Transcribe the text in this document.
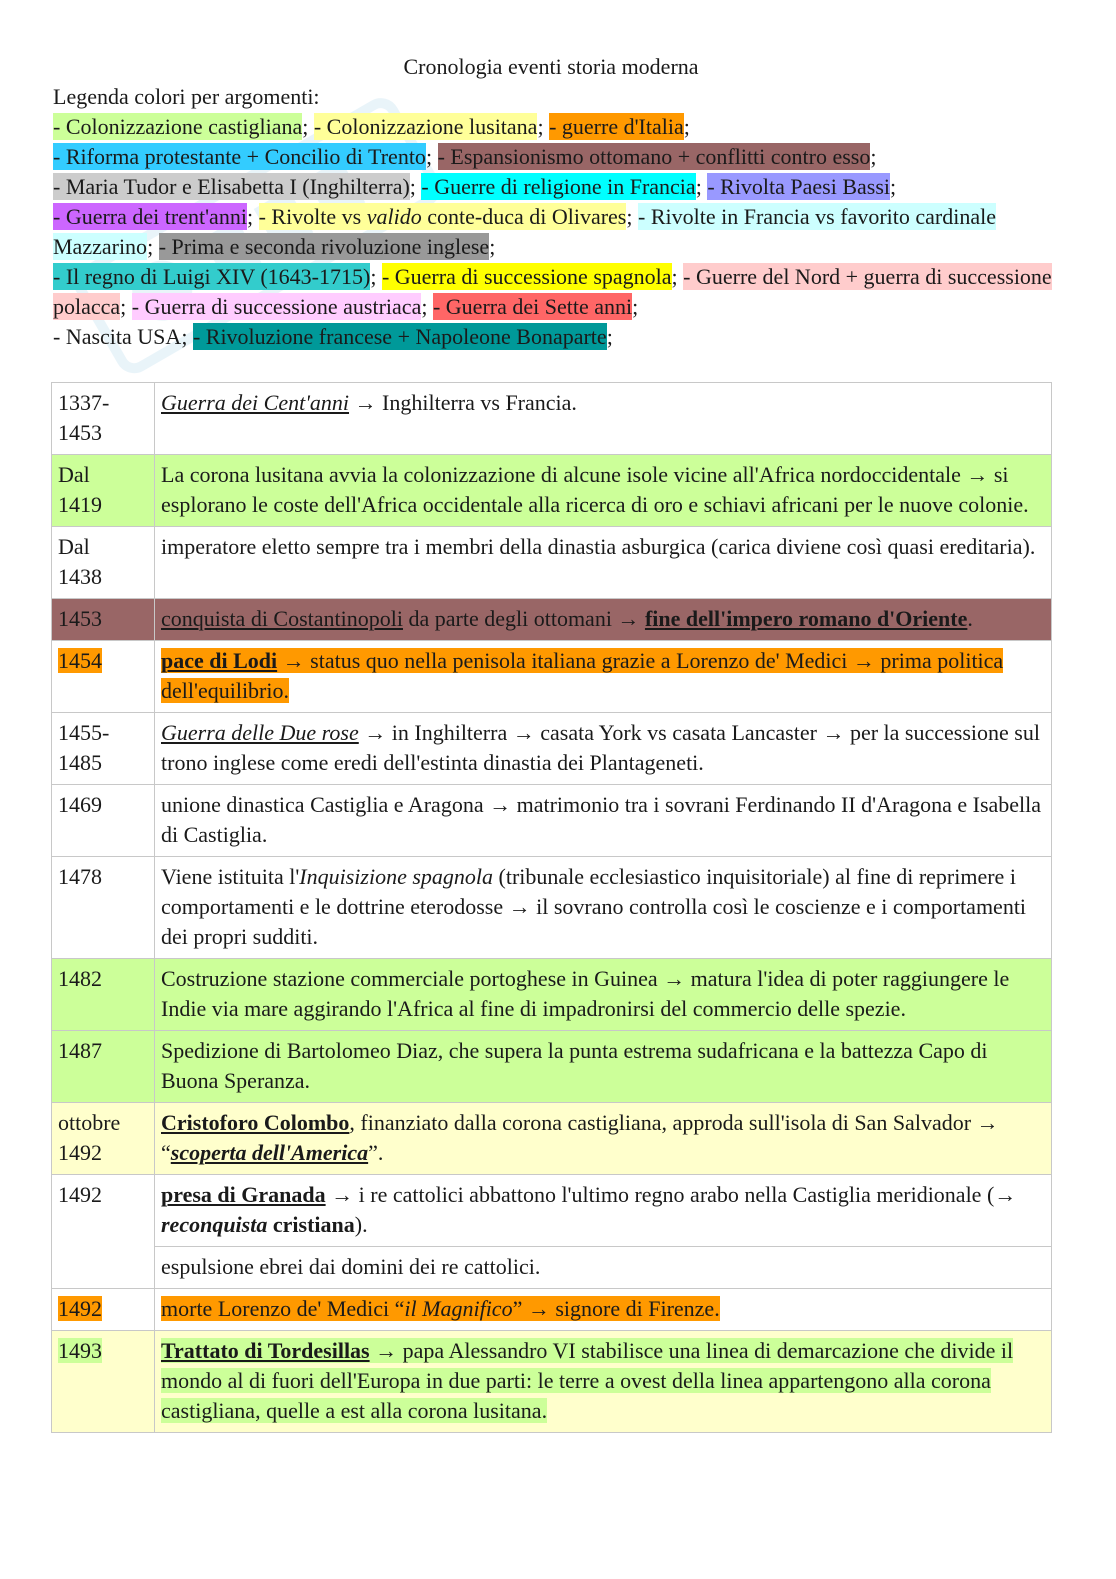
Cronologia eventi storia moderna
Legenda colori per argomenti:
- Colonizzazione castigliana; - Colonizzazione lusitana; - guerre d'Italia;
- Riforma protestante + Concilio di Trento; - Espansionismo ottomano + conflitti contro esso;
- Maria Tudor e Elisabetta I (Inghilterra); - Guerre di religione in Francia; - Rivolta Paesi Bassi;
- Guerra dei trent'anni; - Rivolte vs valido conte-duca di Olivares; - Rivolte in Francia vs favorito cardinale Mazzarino; - Prima e seconda rivoluzione inglese;
- Il regno di Luigi XIV (1643-1715); - Guerra di successione spagnola; - Guerre del Nord + guerra di successione polacca; - Guerra di successione austriaca; - Guerra dei Sette anni;
- Nascita USA; - Rivoluzione francese + Napoleone Bonaparte;
1337-
1453	Guerra dei Cent'anni → Inghilterra vs Francia.
Dal
1419	La corona lusitana avvia la colonizzazione di alcune isole vicine all'Africa nordoccidentale → si esplorano le coste dell'Africa occidentale alla ricerca di oro e schiavi africani per le nuove colonie.
Dal
1438	imperatore eletto sempre tra i membri della dinastia asburgica (carica diviene così quasi ereditaria).
1453	conquista di Costantinopoli da parte degli ottomani → fine dell'impero romano d'Oriente.
1454	pace di Lodi → status quo nella penisola italiana grazie a Lorenzo de' Medici → prima politica dell'equilibrio.
1455-
1485	Guerra delle Due rose → in Inghilterra → casata York vs casata Lancaster → per la successione sul trono inglese come eredi dell'estinta dinastia dei Plantageneti.
1469	unione dinastica Castiglia e Aragona → matrimonio tra i sovrani Ferdinando II d'Aragona e Isabella di Castiglia.
1478	Viene istituita l'Inquisizione spagnola (tribunale ecclesiastico inquisitoriale) al fine di reprimere i comportamenti e le dottrine eterodosse → il sovrano controlla così le coscienze e i comportamenti dei propri sudditi.
1482	Costruzione stazione commerciale portoghese in Guinea → matura l'idea di poter raggiungere le Indie via mare aggirando l'Africa al fine di impadronirsi del commercio delle spezie.
1487	Spedizione di Bartolomeo Diaz, che supera la punta estrema sudafricana e la battezza Capo di Buona Speranza.
ottobre
1492	Cristoforo Colombo, finanziato dalla corona castigliana, approda sull'isola di San Salvador → “scoperta dell'America”.
1492	presa di Granada → i re cattolici abbattono l'ultimo regno arabo nella Castiglia meridionale (→ reconquista cristiana).
	espulsione ebrei dai domini dei re cattolici.
1492	morte Lorenzo de' Medici “il Magnifico” → signore di Firenze.
1493	Trattato di Tordesillas → papa Alessandro VI stabilisce una linea di demarcazione che divide il mondo al di fuori dell'Europa in due parti: le terre a ovest della linea appartengono alla corona castigliana, quelle a est alla corona lusitana.
